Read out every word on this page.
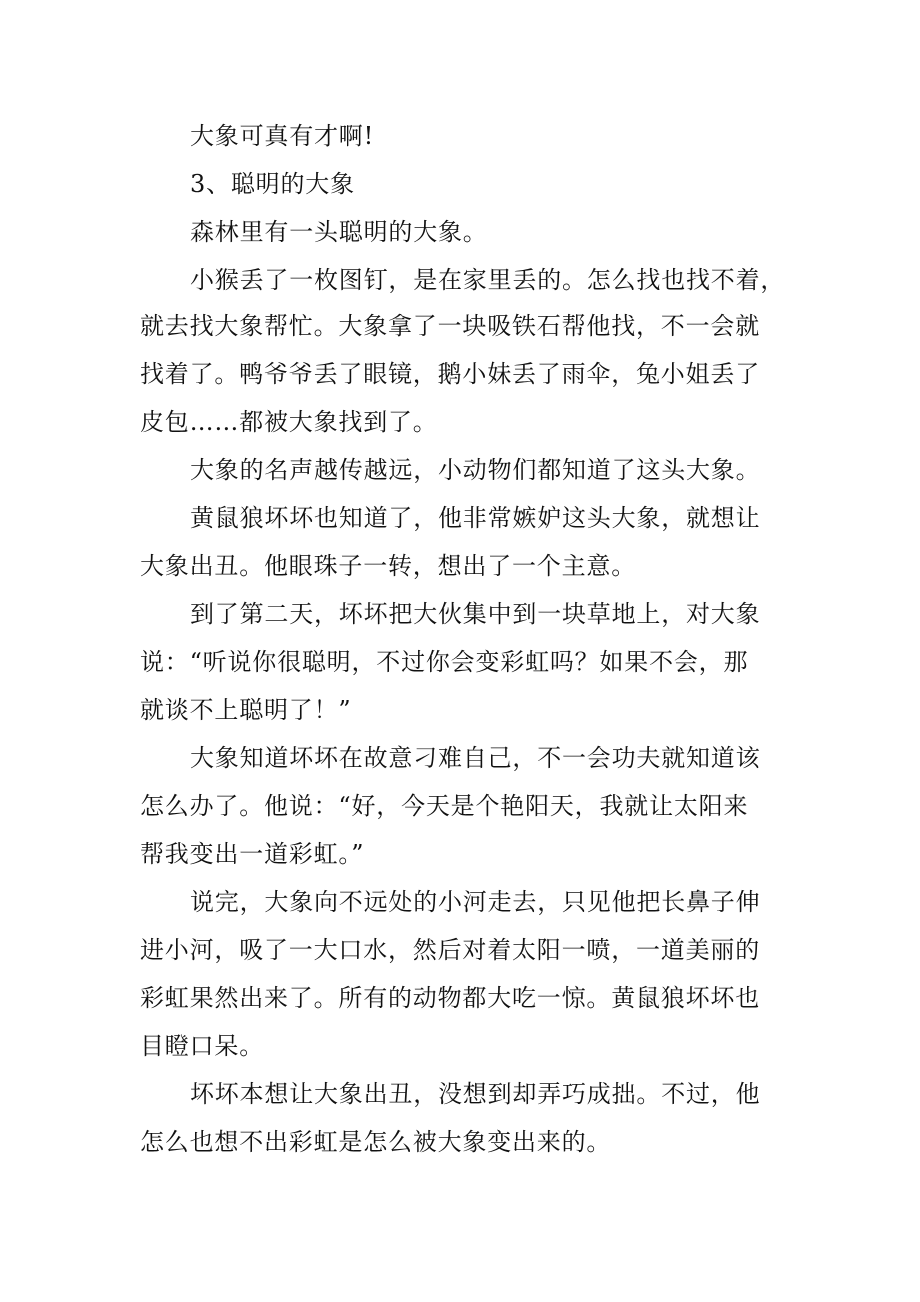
大象可真有才啊!
3、聪明的大象
森林里有一头聪明的大象。
小猴丢了一枚图钉，是在家里丢的。怎么找也找不着，
就去找大象帮忙。大象拿了一块吸铁石帮他找，不一会就
找着了。鸭爷爷丢了眼镜，鹅小妹丢了雨伞，兔小姐丢了
皮包……都被大象找到了。
大象的名声越传越远，小动物们都知道了这头大象。
黄鼠狼坏坏也知道了，他非常嫉妒这头大象，就想让
大象出丑。他眼珠子一转，想出了一个主意。
到了第二天，坏坏把大伙集中到一块草地上，对大象
说：“听说你很聪明，不过你会变彩虹吗？如果不会，那
就谈不上聪明了！”
大象知道坏坏在故意刁难自己，不一会功夫就知道该
怎么办了。他说：“好，今天是个艳阳天，我就让太阳来
帮我变出一道彩虹。”
说完，大象向不远处的小河走去，只见他把长鼻子伸
进小河，吸了一大口水，然后对着太阳一喷，一道美丽的
彩虹果然出来了。所有的动物都大吃一惊。黄鼠狼坏坏也
目瞪口呆。
坏坏本想让大象出丑，没想到却弄巧成拙。不过，他
怎么也想不出彩虹是怎么被大象变出来的。
